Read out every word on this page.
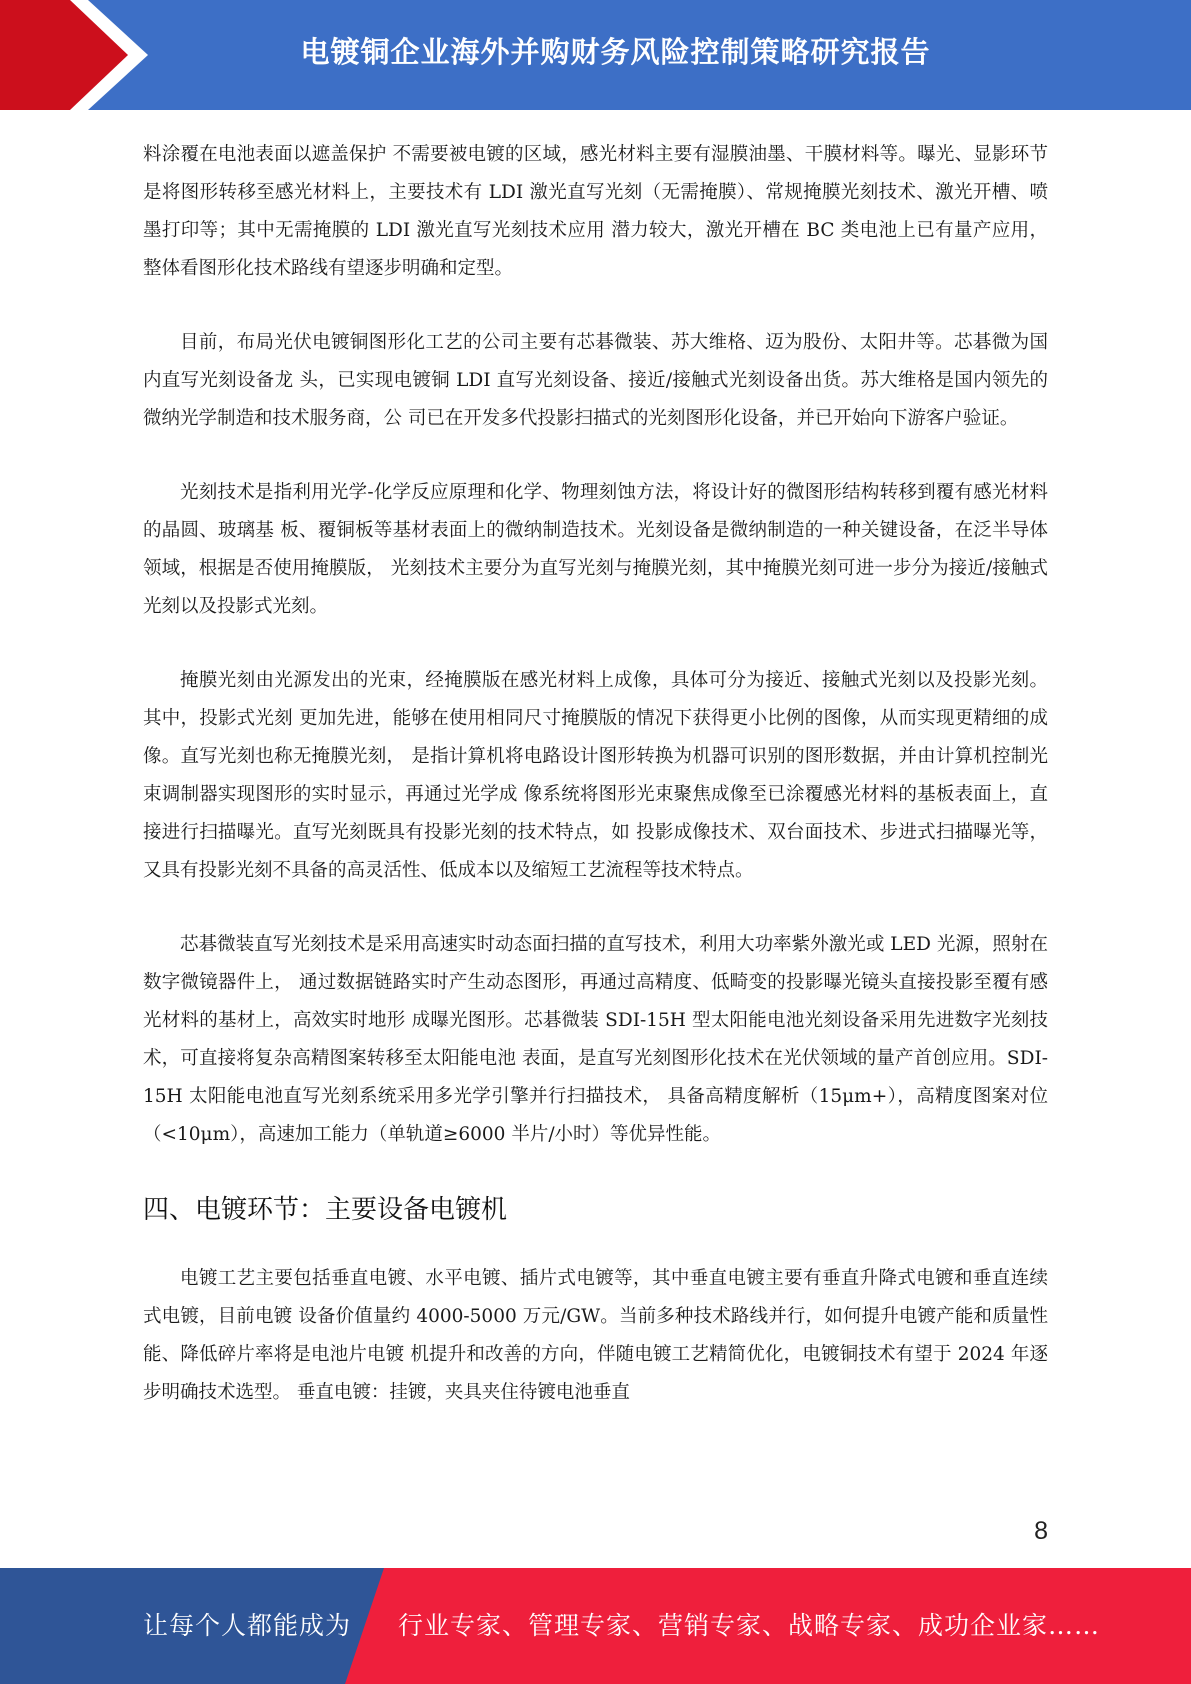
电镀铜企业海外并购财务风险控制策略研究报告

料涂覆在电池表面以遮盖保护 不需要被电镀的区域，感光材料主要有湿膜油墨、干膜材料等。曝光、显影环节是将图形转移至感光材料上，主要技术有 LDI 激光直写光刻（无需掩膜）、常规掩膜光刻技术、激光开槽、喷墨打印等；其中无需掩膜的 LDI 激光直写光刻技术应用 潜力较大，激光开槽在 BC 类电池上已有量产应用，整体看图形化技术路线有望逐步明确和定型。

目前，布局光伏电镀铜图形化工艺的公司主要有芯碁微装、苏大维格、迈为股份、太阳井等。芯碁微为国内直写光刻设备龙 头，已实现电镀铜 LDI 直写光刻设备、接近/接触式光刻设备出货。苏大维格是国内领先的微纳光学制造和技术服务商，公 司已在开发多代投影扫描式的光刻图形化设备，并已开始向下游客户验证。

光刻技术是指利用光学-化学反应原理和化学、物理刻蚀方法，将设计好的微图形结构转移到覆有感光材料的晶圆、玻璃基 板、覆铜板等基材表面上的微纳制造技术。光刻设备是微纳制造的一种关键设备，在泛半导体领域，根据是否使用掩膜版， 光刻技术主要分为直写光刻与掩膜光刻，其中掩膜光刻可进一步分为接近/接触式光刻以及投影式光刻。

掩膜光刻由光源发出的光束，经掩膜版在感光材料上成像，具体可分为接近、接触式光刻以及投影光刻。其中，投影式光刻 更加先进，能够在使用相同尺寸掩膜版的情况下获得更小比例的图像，从而实现更精细的成像。直写光刻也称无掩膜光刻， 是指计算机将电路设计图形转换为机器可识别的图形数据，并由计算机控制光束调制器实现图形的实时显示，再通过光学成 像系统将图形光束聚焦成像至已涂覆感光材料的基板表面上，直接进行扫描曝光。直写光刻既具有投影光刻的技术特点，如 投影成像技术、双台面技术、步进式扫描曝光等，又具有投影光刻不具备的高灵活性、低成本以及缩短工艺流程等技术特点。

芯碁微装直写光刻技术是采用高速实时动态面扫描的直写技术，利用大功率紫外激光或 LED 光源，照射在数字微镜器件上， 通过数据链路实时产生动态图形，再通过高精度、低畸变的投影曝光镜头直接投影至覆有感光材料的基材上，高效实时地形 成曝光图形。芯碁微装 SDI-15H 型太阳能电池光刻设备采用先进数字光刻技术，可直接将复杂高精图案转移至太阳能电池 表面，是直写光刻图形化技术在光伏领域的量产首创应用。SDI-15H 太阳能电池直写光刻系统采用多光学引擎并行扫描技术， 具备高精度解析（15μm+），高精度图案对位（<10μm），高速加工能力（单轨道≥6000 半片/小时）等优异性能。

四、电镀环节：主要设备电镀机

电镀工艺主要包括垂直电镀、水平电镀、插片式电镀等，其中垂直电镀主要有垂直升降式电镀和垂直连续式电镀，目前电镀 设备价值量约 4000-5000 万元/GW。当前多种技术路线并行，如何提升电镀产能和质量性能、降低碎片率将是电池片电镀 机提升和改善的方向，伴随电镀工艺精简优化，电镀铜技术有望于 2024 年逐步明确技术选型。 垂直电镀：挂镀，夹具夹住待镀电池垂直

8
让每个人都能成为 行业专家、管理专家、营销专家、战略专家、成功企业家……
